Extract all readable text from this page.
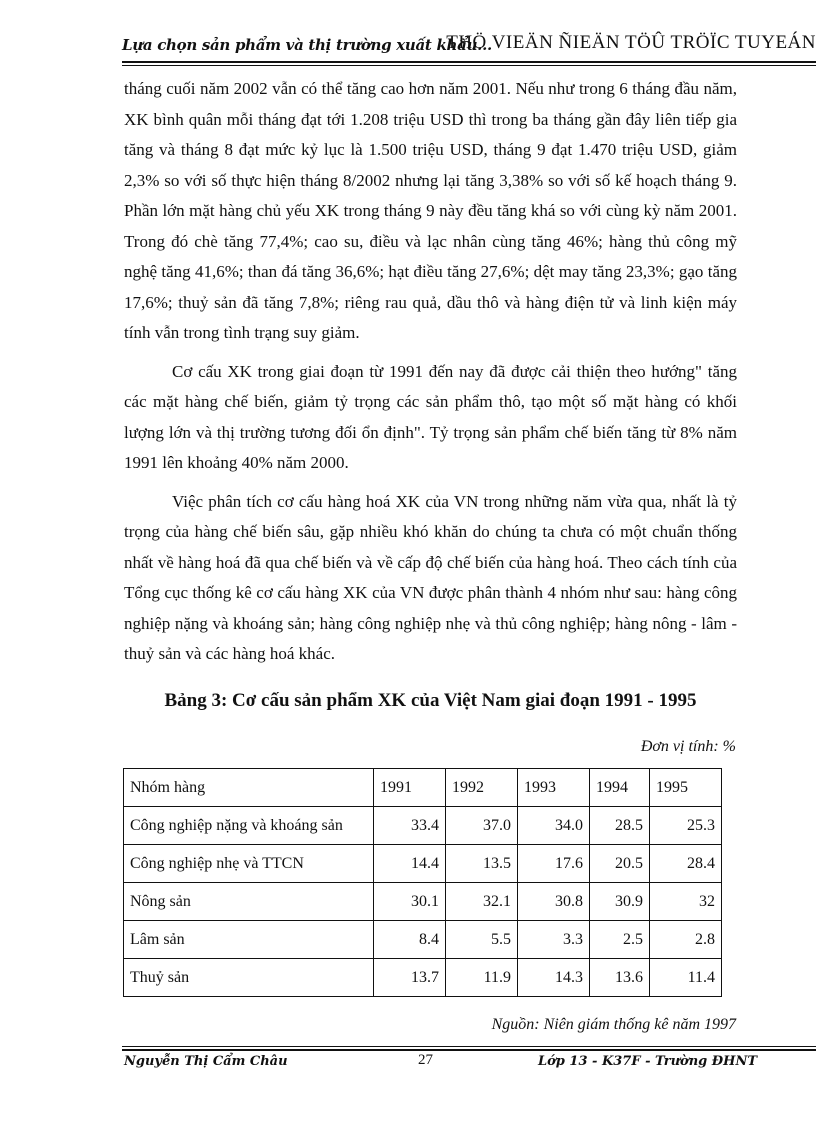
Lựa chọn sản phẩm và thị trường xuất khẩu...
THÖ VIEÄN ÑIEÄN TÖÛ TRÖÏC TUYEÁN

tháng cuối năm 2002 vẫn có thể tăng cao hơn năm 2001. Nếu như trong 6 tháng đầu năm, XK bình quân mỗi tháng đạt tới 1.208 triệu USD thì trong ba tháng gần đây liên tiếp gia tăng và tháng 8 đạt mức kỷ lục là 1.500 triệu USD, tháng 9 đạt 1.470 triệu USD, giảm 2,3% so với số thực hiện tháng 8/2002 nhưng lại tăng 3,38% so với số kế hoạch tháng 9. Phần lớn mặt hàng chủ yếu XK trong tháng 9 này đều tăng khá so với cùng kỳ năm 2001. Trong đó chè tăng 77,4%; cao su, điều và lạc nhân cùng tăng 46%; hàng thủ công mỹ nghệ tăng 41,6%; than đá tăng 36,6%; hạt điều tăng 27,6%; dệt may tăng 23,3%; gạo tăng 17,6%; thuỷ sản đã tăng 7,8%; riêng rau quả, dầu thô và hàng điện tử và linh kiện máy tính vẫn trong tình trạng suy giảm.

Cơ cấu XK trong giai đoạn từ 1991 đến nay đã được cải thiện theo hướng" tăng các mặt hàng chế biến, giảm tỷ trọng các sản phẩm thô, tạo một số mặt hàng có khối lượng lớn và thị trường tương đối ổn định". Tỷ trọng sản phẩm chế biến tăng từ 8% năm 1991 lên khoảng 40% năm 2000.

Việc phân tích cơ cấu hàng hoá XK của VN trong những năm vừa qua, nhất là tỷ trọng của hàng chế biến sâu, gặp nhiều khó khăn do chúng ta chưa có một chuẩn thống nhất về hàng hoá đã qua chế biến và về cấp độ chế biến của hàng hoá. Theo cách tính của Tổng cục thống kê cơ cấu hàng XK của VN được phân thành 4 nhóm như sau: hàng công nghiệp nặng và khoáng sản; hàng công nghiệp nhẹ và thủ công nghiệp; hàng nông - lâm - thuỷ sản và các hàng hoá khác.

Bảng 3: Cơ cấu sản phẩm XK của Việt Nam giai đoạn 1991 - 1995
Đơn vị tính: %
Nhóm hàng	1991	1992	1993	1994	1995
Công nghiệp nặng và khoáng sản	33.4	37.0	34.0	28.5	25.3
Công nghiệp nhẹ và TTCN	14.4	13.5	17.6	20.5	28.4
Nông sản	30.1	32.1	30.8	30.9	32
Lâm sản	8.4	5.5	3.3	2.5	2.8
Thuỷ sản	13.7	11.9	14.3	13.6	11.4
Nguồn: Niên giám thống kê năm 1997
Nguyễn Thị Cẩm Châu	27	Lớp 13 - K37F - Trường ĐHNT
